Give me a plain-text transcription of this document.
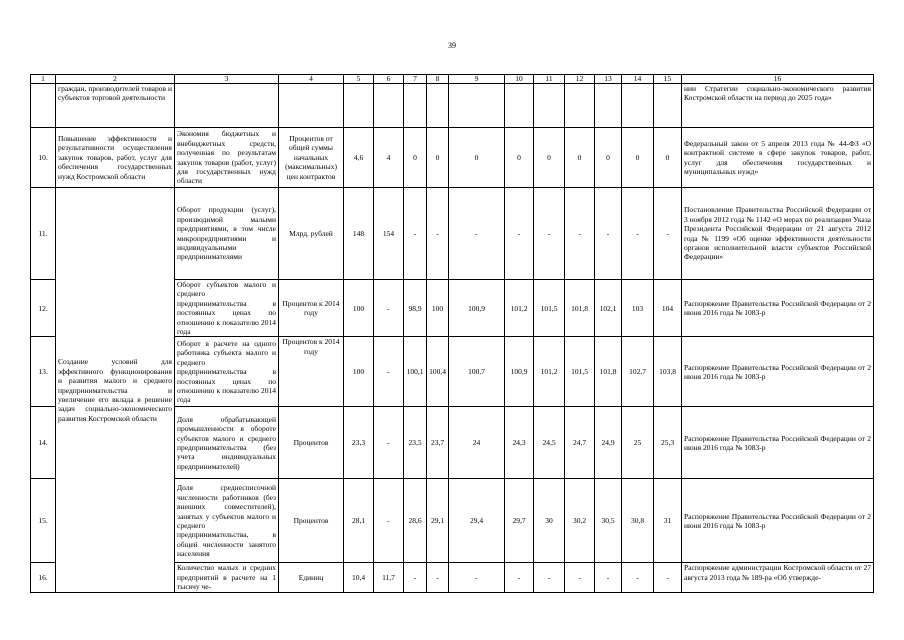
39
1	2	3	4	5	6	7	8	9	10	11	12	13	14	15	16
	граждан, производителей товаров и субъектов торговой деятельности														нии Стратегии социально-экономического развития Костромской области на период до 2025 года»
10.	Повышение эффективности и результативности осуществления закупок товаров, работ, услуг для обеспечения государственных нужд Костромской области	Экономия бюджетных и внебюджетных средств, полученная по результатам закупок товаров (работ, услуг) для государственных нужд области	Процентов от общей суммы начальных (максимальных) цен контрактов	4,6	4	0	0	0	0	0	0	0	0	0	Федеральный закон от 5 апреля 2013 года № 44-ФЗ «О контрактной системе в сфере закупок товаров, работ, услуг для обеспечения государственных и муниципальных нужд»
11.	Создание условий для эффективного функционирования и развития малого и среднего предпринимательства и увеличение его вклада в решение задач социально-экономического развития Костромской области	Оборот продукции (услуг), производимой малыми предприятиями, в том числе микропредприятиями и индивидуальными предпринимателями	Млрд. рублей	148	154	-	-	-	-	-	-	-	-	-	Постановление Правительства Российской Федерации от 3 ноября 2012 года № 1142 «О мерах по реализации Указа Президента Российской Федерации от 21 августа 2012 года № 1199 «Об оценке эффективности деятельности органов исполнительной власти субъектов Российской Федерации»
12.		Оборот субъектов малого и среднего предпринимательства в постоянных ценах по отношению к показателю 2014 года	Процентов к 2014 году	100	-	98,9	100	100,9	101,2	101,5	101,8	102,1	103	104	Распоряжение Правительства Российской Федерации от 2 июня 2016 года № 1083-р
13.		Оборот в расчете на одного работника субъекта малого и среднего предпринимательства в постоянных ценах по отношению к показателю 2014 года	Процентов к 2014 году	100	-	100,1	100,4	100,7	100,9	101,2	101,5	101,8	102,7	103,8	Распоряжение Правительства Российской Федерации от 2 июня 2016 года № 1083-р
14.		Доля обрабатывающей промышленности в обороте субъектов малого и среднего предпринимательства (без учета индивидуальных предпринимателей)	Процентов	23,3	-	23,5	23,7	24	24,3	24,5	24,7	24,9	25	25,3	Распоряжение Правительства Российской Федерации от 2 июня 2016 года № 1083-р
15.		Доля среднесписочной численности работников (без внешних совместителей), занятых у субъектов малого и среднего предпринимательства, в общей численности занятого населения	Процентов	28,1	-	28,6	29,1	29,4	29,7	30	30,2	30,5	30,8	31	Распоряжение Правительства Российской Федерации от 2 июня 2016 года № 1083-р
16.		Количество малых и средних предприятий в расчете на 1 тысячу че-	Единиц	10,4	11,7	-	-	-	-	-	-	-	-	-	Распоряжение администрации Костромской области от 27 августа 2013 года № 189-ра «Об утвержде-
